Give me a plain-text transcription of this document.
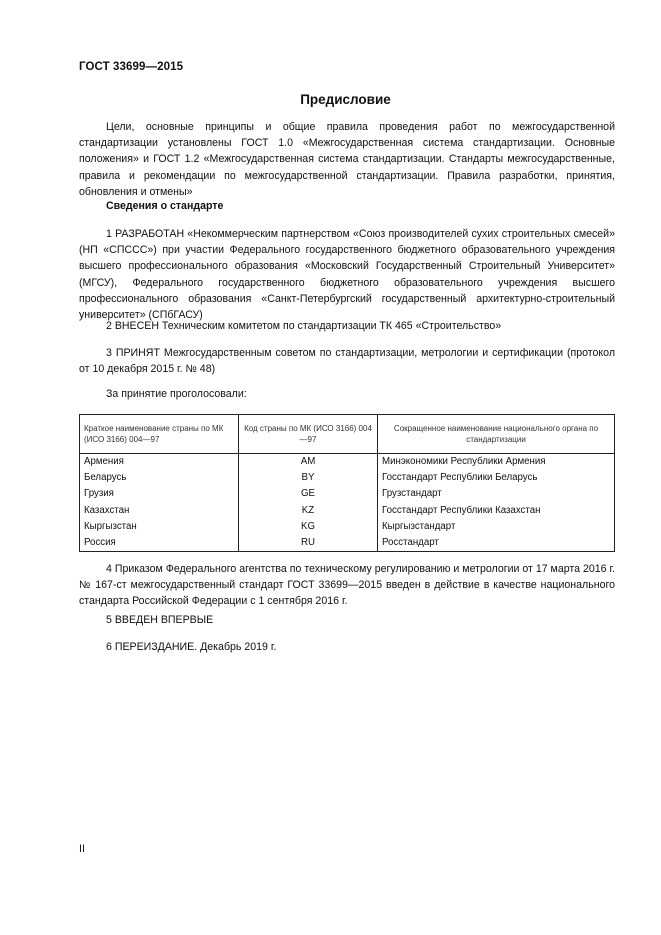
ГОСТ 33699—2015
Предисловие

Цели, основные принципы и общие правила проведения работ по межгосударственной стандартизации установлены ГОСТ 1.0 «Межгосударственная система стандартизации. Основные положения» и ГОСТ 1.2 «Межгосударственная система стандартизации. Стандарты межгосударственные, правила и рекомендации по межгосударственной стандартизации. Правила разработки, принятия, обновления и отмены»

Сведения о стандарте

1 РАЗРАБОТАН «Некоммерческим партнерством «Союз производителей сухих строительных смесей» (НП «СПССС») при участии Федерального государственного бюджетного образовательного учреждения высшего профессионального образования «Московский Государственный Строительный Университет» (МГСУ), Федерального государственного бюджетного образовательного учреждения высшего профессионального образования «Санкт-Петербургский государственный архитектурно-строительный университет» (СПбГАСУ)

2 ВНЕСЕН Техническим комитетом по стандартизации ТК 465 «Строительство»

3 ПРИНЯТ Межгосударственным советом по стандартизации, метрологии и сертификации (протокол от 10 декабря 2015 г. № 48)

За принятие проголосовали:

Краткое наименование страны по МК (ИСО 3166) 004—97	Код страны по МК (ИСО 3166) 004—97	Сокращенное наименование национального органа по стандартизации
Армения	AM	Минэкономики Республики Армения
Беларусь	BY	Госстандарт Республики Беларусь
Грузия	GE	Грузстандарт
Казахстан	KZ	Госстандарт Республики Казахстан
Кыргызстан	KG	Кыргызстандарт
Россия	RU	Росстандарт

4 Приказом Федерального агентства по техническому регулированию и метрологии от 17 марта 2016 г. № 167-ст межгосударственный стандарт ГОСТ 33699—2015 введен в действие в качестве национального стандарта Российской Федерации с 1 сентября 2016 г.

5 ВВЕДЕН ВПЕРВЫЕ

6 ПЕРЕИЗДАНИЕ. Декабрь 2019 г.

II
